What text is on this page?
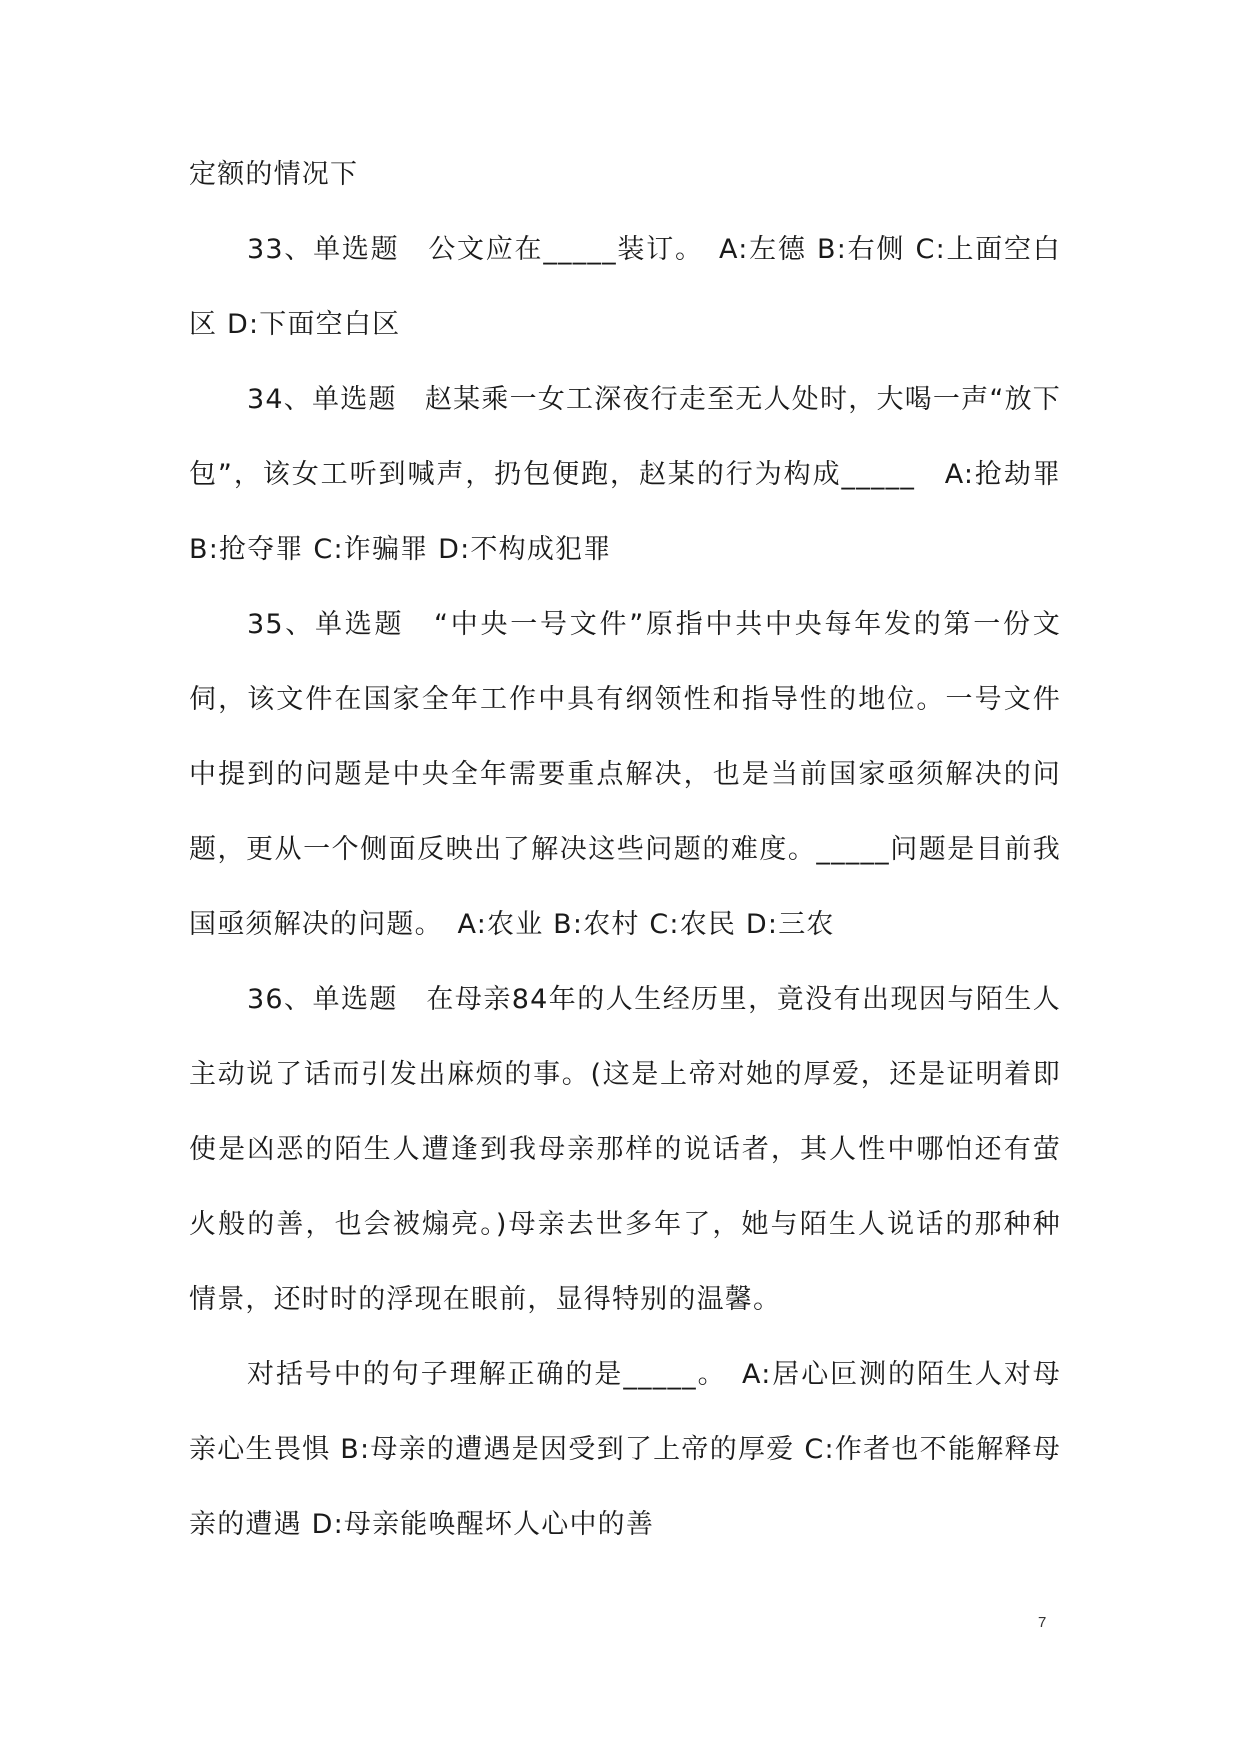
定额的情况下

33、单选题　公文应在_____装订。　A:左德 B:右侧 C:上面空白区 D:下面空白区

34、单选题　赵某乘一女工深夜行走至无人处时，大喝一声“放下包”，该女工听到喊声，扔包便跑，赵某的行为构成_____　A:抢劫罪 B:抢夺罪 C:诈骗罪 D:不构成犯罪

35、单选题　“中央一号文件”原指中共中央每年发的第一份文伺，该文件在国家全年工作中具有纲领性和指导性的地位。一号文件中提到的问题是中央全年需要重点解决，也是当前国家亟须解决的问题，更从一个侧面反映出了解决这些问题的难度。_____问题是目前我国亟须解决的问题。　A:农业 B:农村 C:农民 D:三农

36、单选题　在母亲84年的人生经历里，竟没有出现因与陌生人主动说了话而引发出麻烦的事。(这是上帝对她的厚爱，还是证明着即使是凶恶的陌生人遭逢到我母亲那样的说话者，其人性中哪怕还有萤火般的善，也会被煽亮。)母亲去世多年了，她与陌生人说话的那种种情景，还时时的浮现在眼前，显得特别的温馨。

对括号中的句子理解正确的是_____。　A:居心叵测的陌生人对母亲心生畏惧 B:母亲的遭遇是因受到了上帝的厚爱 C:作者也不能解释母亲的遭遇 D:母亲能唤醒坏人心中的善

7
